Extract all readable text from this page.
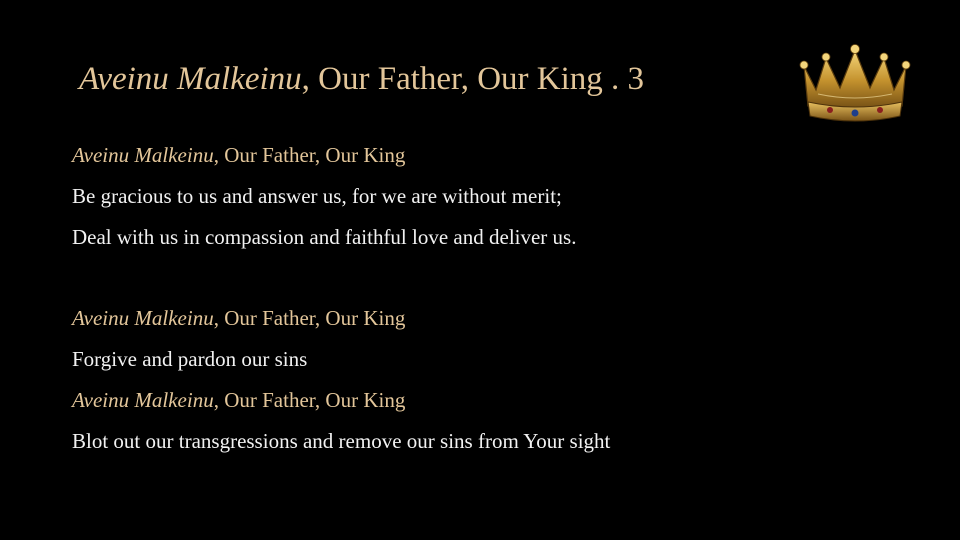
Aveinu Malkeinu, Our Father, Our King . 3
Aveinu Malkeinu, Our Father, Our King
Be gracious to us and answer us, for we are without merit;
Deal with us in compassion and faithful love and deliver us.
Aveinu Malkeinu, Our Father, Our King
Forgive and pardon our sins
Aveinu Malkeinu, Our Father, Our King
Blot out our transgressions and remove our sins from Your sight
